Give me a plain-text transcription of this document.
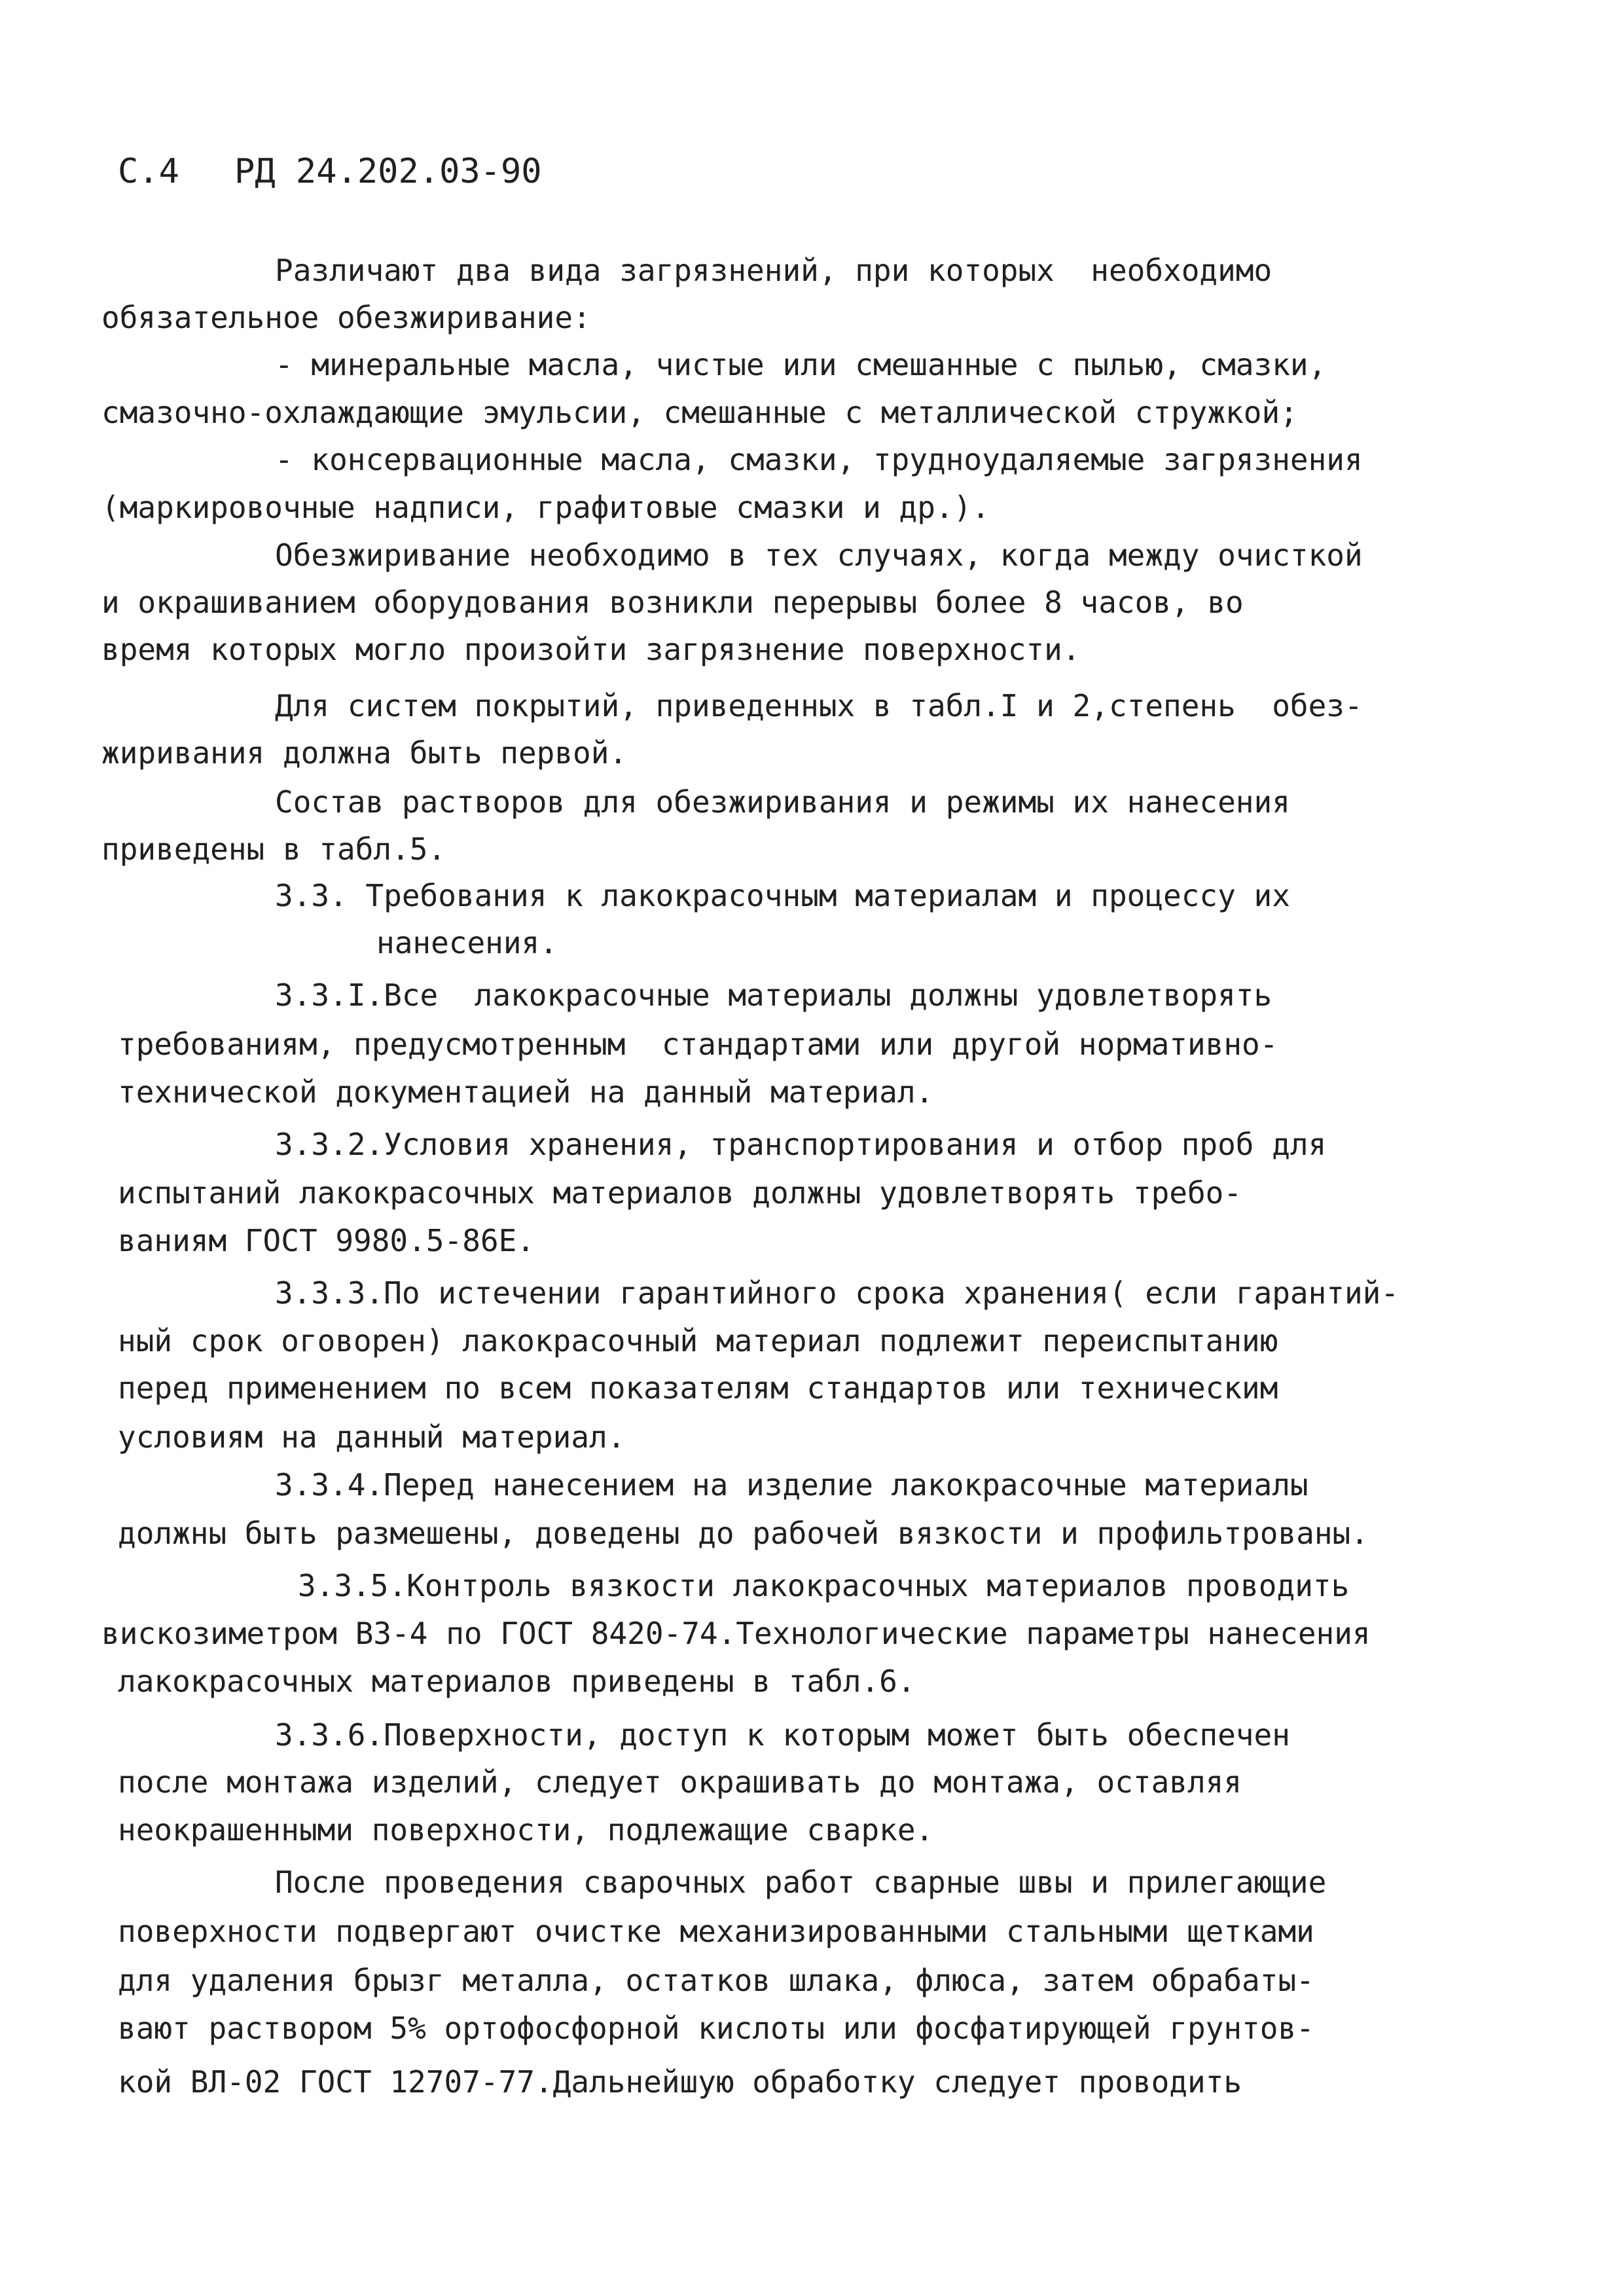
С.4 РД 24.202.03-90
Различают два вида загрязнений, при которых  необходимо
обязательное обезжиривание:
- минеральные масла, чистые или смешанные с пылью, смазки,
смазочно-охлаждающие эмульсии, смешанные с металлической стружкой;
- консервационные масла, смазки, трудноудаляемые загрязнения
(маркировочные надписи, графитовые смазки и др.).
Обезжиривание необходимо в тех случаях, когда между очисткой
и окрашиванием оборудования возникли перерывы более 8 часов, во
время которых могло произойти загрязнение поверхности.
Для систем покрытий, приведенных в табл.I и 2,степень  обез-
жиривания должна быть первой.
Состав растворов для обезжиривания и режимы их нанесения
приведены в табл.5.
3.3. Требования к лакокрасочным материалам и процессу их
нанесения.
3.3.I.Все  лакокрасочные материалы должны удовлетворять
требованиям, предусмотренным  стандартами или другой нормативно-
технической документацией на данный материал.
3.3.2.Условия хранения, транспортирования и отбор проб для
испытаний лакокрасочных материалов должны удовлетворять требо-
ваниям ГОСТ 9980.5-86Е.
3.3.3.По истечении гарантийного срока хранения( если гарантий-
ный срок оговорен) лакокрасочный материал подлежит переиспытанию
перед применением по всем показателям стандартов или техническим
условиям на данный материал.
3.3.4.Перед нанесением на изделие лакокрасочные материалы
должны быть размешены, доведены до рабочей вязкости и профильтрованы.
3.3.5.Контроль вязкости лакокрасочных материалов проводить
вискозиметром ВЗ-4 по ГОСТ 8420-74.Технологические параметры нанесения
лакокрасочных материалов приведены в табл.6.
3.3.6.Поверхности, доступ к которым может быть обеспечен
после монтажа изделий, следует окрашивать до монтажа, оставляя
неокрашенными поверхности, подлежащие сварке.
После проведения сварочных работ сварные швы и прилегающие
поверхности подвергают очистке механизированными стальными щетками
для удаления брызг металла, остатков шлака, флюса, затем обрабаты-
вают раствором 5% ортофосфорной кислоты или фосфатирующей грунтов-
кой ВЛ-02 ГОСТ 12707-77.Дальнейшую обработку следует проводить
